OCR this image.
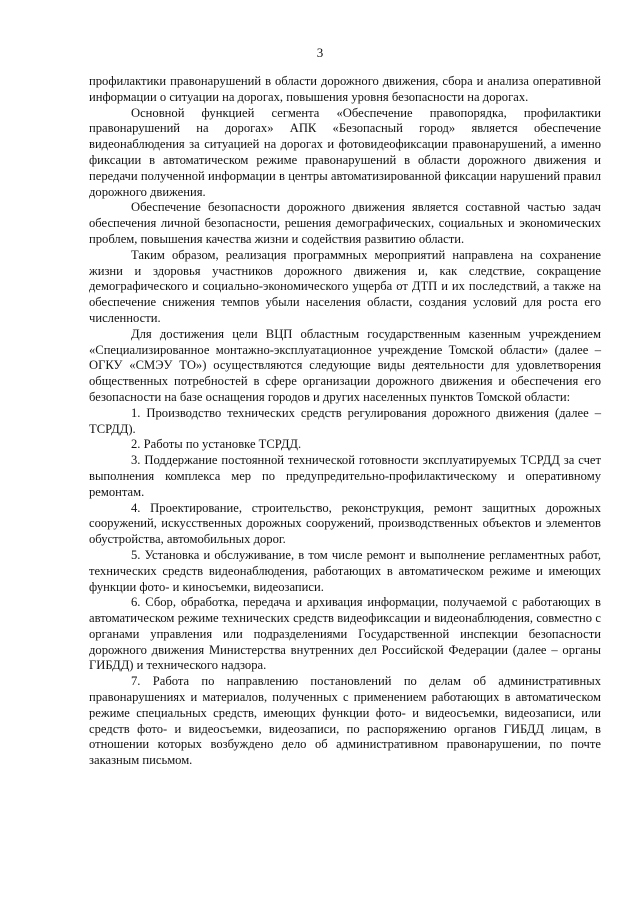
3

профилактики правонарушений в области дорожного движения, сбора и анализа оперативной информации о ситуации на дорогах, повышения уровня безопасности на дорогах.

Основной функцией сегмента «Обеспечение правопорядка, профилактики правонарушений на дорогах» АПК «Безопасный город» является обеспечение видеонаблюдения за ситуацией на дорогах и фотовидеофиксации правонарушений, а именно фиксации в автоматическом режиме правонарушений в области дорожного движения и передачи полученной информации в центры автоматизированной фиксации нарушений правил дорожного движения.

Обеспечение безопасности дорожного движения является составной частью задач обеспечения личной безопасности, решения демографических, социальных и экономических проблем, повышения качества жизни и содействия развитию области.

Таким образом, реализация программных мероприятий направлена на сохранение жизни и здоровья участников дорожного движения и, как следствие, сокращение демографического и социально-экономического ущерба от ДТП и их последствий, а также на обеспечение снижения темпов убыли населения области, создания условий для роста его численности.

Для достижения цели ВЦП областным государственным казенным учреждением «Специализированное монтажно-эксплуатационное учреждение Томской области» (далее – ОГКУ «СМЭУ ТО») осуществляются следующие виды деятельности для удовлетворения общественных потребностей в сфере организации дорожного движения и обеспечения его безопасности на базе оснащения городов и других населенных пунктов Томской области:

1. Производство технических средств регулирования дорожного движения (далее – ТСРДД).

2. Работы по установке ТСРДД.

3. Поддержание постоянной технической готовности эксплуатируемых ТСРДД за счет выполнения комплекса мер по предупредительно-профилактическому и оперативному ремонтам.

4. Проектирование, строительство, реконструкция, ремонт защитных дорожных сооружений, искусственных дорожных сооружений, производственных объектов и элементов обустройства, автомобильных дорог.

5. Установка и обслуживание, в том числе ремонт и выполнение регламентных работ, технических средств видеонаблюдения, работающих в автоматическом режиме и имеющих функции фото- и киносъемки, видеозаписи.

6. Сбор, обработка, передача и архивация информации, получаемой с работающих в автоматическом режиме технических средств видеофиксации и видеонаблюдения, совместно с органами управления или подразделениями Государственной инспекции безопасности дорожного движения Министерства внутренних дел Российской Федерации (далее – органы ГИБДД) и технического надзора.

7. Работа по направлению постановлений по делам об административных правонарушениях и материалов, полученных с применением работающих в автоматическом режиме специальных средств, имеющих функции фото- и видеосъемки, видеозаписи, или средств фото- и видеосъемки, видеозаписи, по распоряжению органов ГИБДД лицам, в отношении которых возбуждено дело об административном правонарушении, по почте заказным письмом.
